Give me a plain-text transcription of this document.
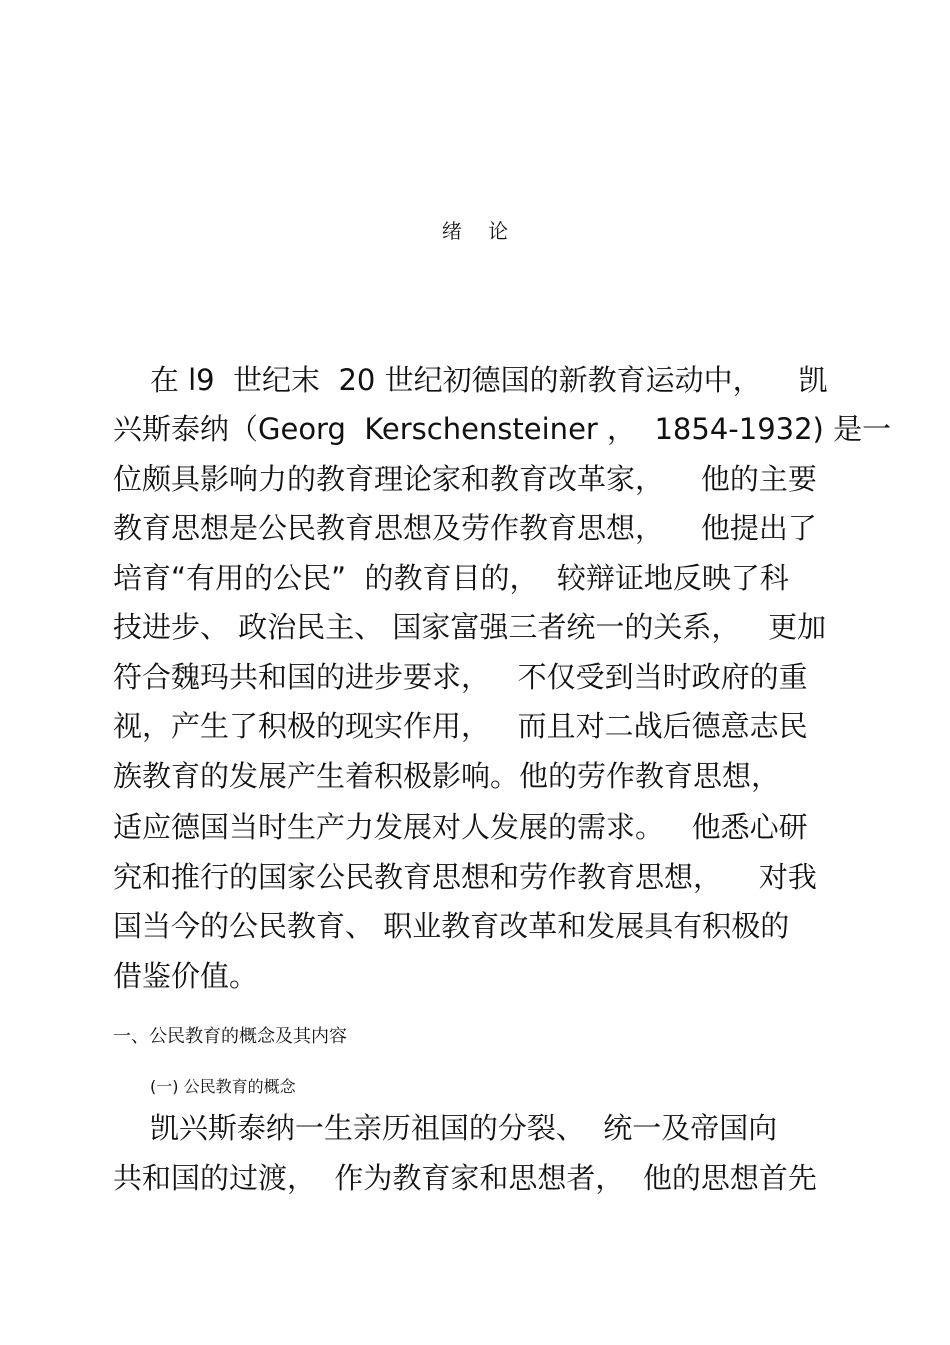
绪 论
在 l9  世纪末  20 世纪初德国的新教育运动中，    凯
兴斯泰纳（Georg  Kerschensteiner ，  1854-1932) 是一
位颇具影响力的教育理论家和教育改革家，    他的主要
教育思想是公民教育思想及劳作教育思想，    他提出了
培育“有用的公民”  的教育目的，  较辩证地反映了科
技进步、 政治民主、 国家富强三者统一的关系，   更加
符合魏玛共和国的进步要求，   不仅受到当时政府的重
视，产生了积极的现实作用，   而且对二战后德意志民
族教育的发展产生着积极影响。他的劳作教育思想，
适应德国当时生产力发展对人发展的需求。   他悉心研
究和推行的国家公民教育思想和劳作教育思想，    对我
国当今的公民教育、 职业教育改革和发展具有积极的
借鉴价值。
一、公民教育的概念及其内容
(一) 公民教育的概念
凯兴斯泰纳一生亲历祖国的分裂、  统一及帝国向
共和国的过渡，  作为教育家和思想者，  他的思想首先
